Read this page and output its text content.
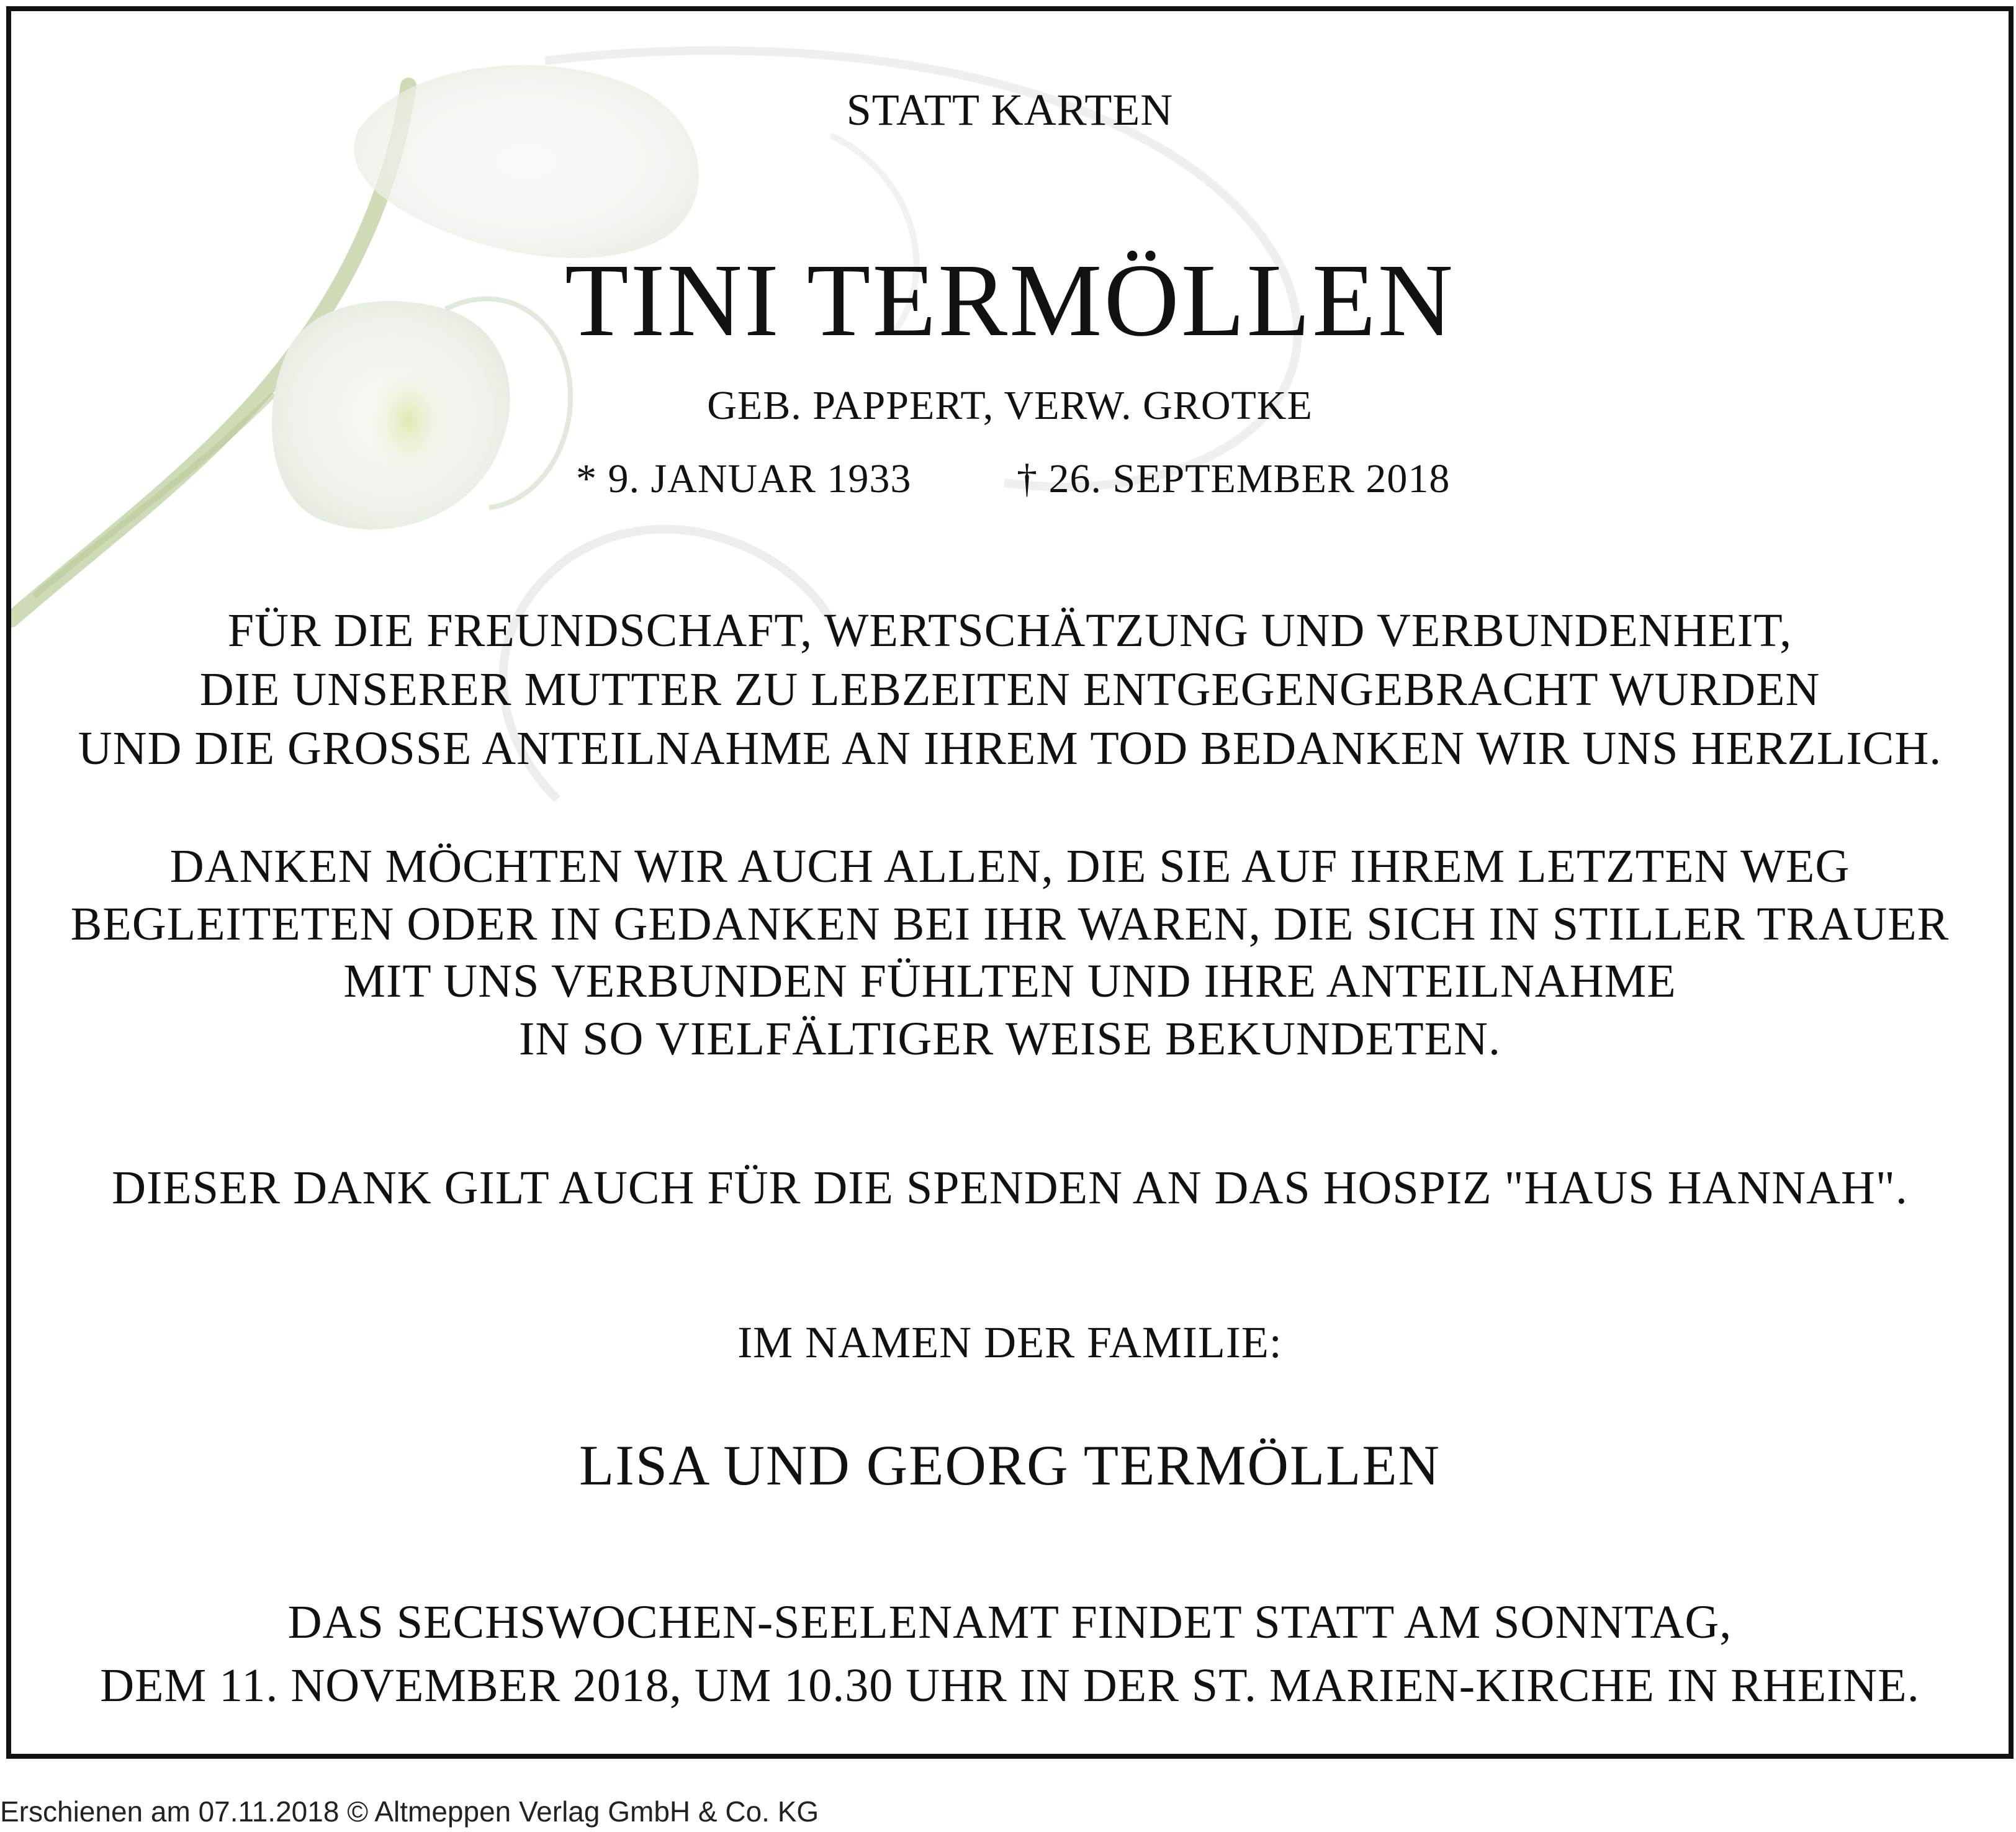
STATT KARTEN
TINI TERMÖLLEN
GEB. PAPPERT, VERW. GROTKE
* 9. JANUAR 1933	† 26. SEPTEMBER 2018
FÜR DIE FREUNDSCHAFT, WERTSCHÄTZUNG UND VERBUNDENHEIT,
DIE UNSERER MUTTER ZU LEBZEITEN ENTGEGENGEBRACHT WURDEN
UND DIE GROSSE ANTEILNAHME AN IHREM TOD BEDANKEN WIR UNS HERZLICH.
DANKEN MÖCHTEN WIR AUCH ALLEN, DIE SIE AUF IHREM LETZTEN WEG
BEGLEITETEN ODER IN GEDANKEN BEI IHR WAREN, DIE SICH IN STILLER TRAUER
MIT UNS VERBUNDEN FÜHLTEN UND IHRE ANTEILNAHME
IN SO VIELFÄLTIGER WEISE BEKUNDETEN.
DIESER DANK GILT AUCH FÜR DIE SPENDEN AN DAS HOSPIZ "HAUS HANNAH".
IM NAMEN DER FAMILIE:
LISA UND GEORG TERMÖLLEN
DAS SECHSWOCHEN-SEELENAMT FINDET STATT AM SONNTAG,
DEM 11. NOVEMBER 2018, UM 10.30 UHR IN DER ST. MARIEN-KIRCHE IN RHEINE.
Erschienen am 07.11.2018 © Altmeppen Verlag GmbH & Co. KG
